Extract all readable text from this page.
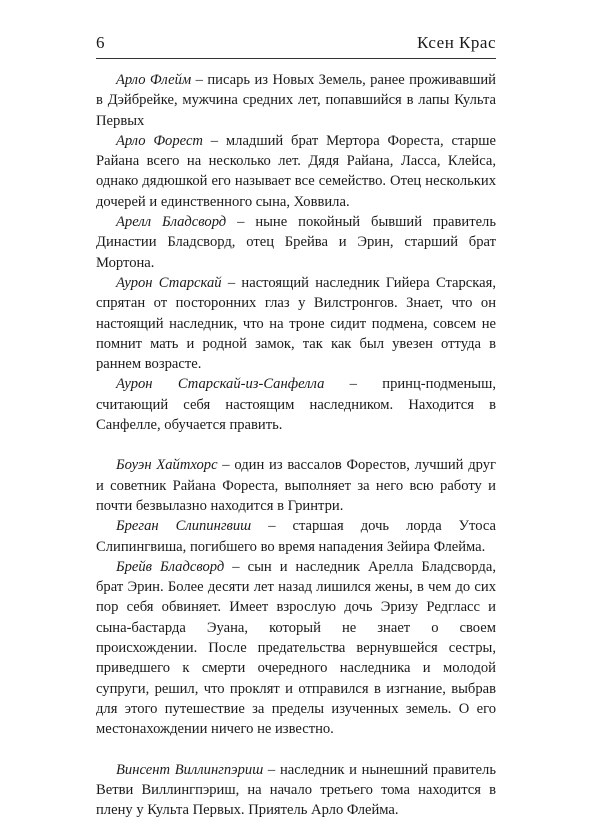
6	Ксен Крас

Арло Флейм – писарь из Новых Земель, ранее проживавший в Дэйбрейке, мужчина средних лет, попавшийся в лапы Культа Первых

Арло Форест – младший брат Мертора Фореста, старше Райана всего на несколько лет. Дядя Райана, Ласса, Клейса, однако дядюшкой его называет все семейство. Отец нескольких дочерей и единственного сына, Ховвила.

Арелл Бладсворд – ныне покойный бывший правитель Династии Бладсворд, отец Брейва и Эрин, старший брат Мортона.

Аурон Старскай – настоящий наследник Гийера Старская, спрятан от посторонних глаз у Вилстронгов. Знает, что он настоящий наследник, что на троне сидит подмена, совсем не помнит мать и родной замок, так как был увезен оттуда в раннем возрасте.

Аурон Старскай-из-Санфелла – принц-подменыш, считающий себя настоящим наследником. Находится в Санфелле, обучается править.

Боуэн Хайтхорс – один из вассалов Форестов, лучший друг и советник Райана Фореста, выполняет за него всю работу и почти безвылазно находится в Гринтри.

Бреган Слипингвиш – старшая дочь лорда Утоса Слипингвиша, погибшего во время нападения Зейира Флейма.

Брейв Бладсворд – сын и наследник Арелла Бладсворда, брат Эрин. Более десяти лет назад лишился жены, в чем до сих пор себя обвиняет. Имеет взрослую дочь Эризу Редгласс и сына-бастарда Эуана, который не знает о своем происхождении. После предательства вернувшейся сестры, приведшего к смерти очередного наследника и молодой супруги, решил, что проклят и отправился в изгнание, выбрав для этого путешествие за пределы изученных земель. О его местонахождении ничего не известно.

Винсент Виллингпэриш – наследник и нынешний правитель Ветви Виллингпэриш, на начало третьего тома находится в плену у Культа Первых. Приятель Арло Флейма.
